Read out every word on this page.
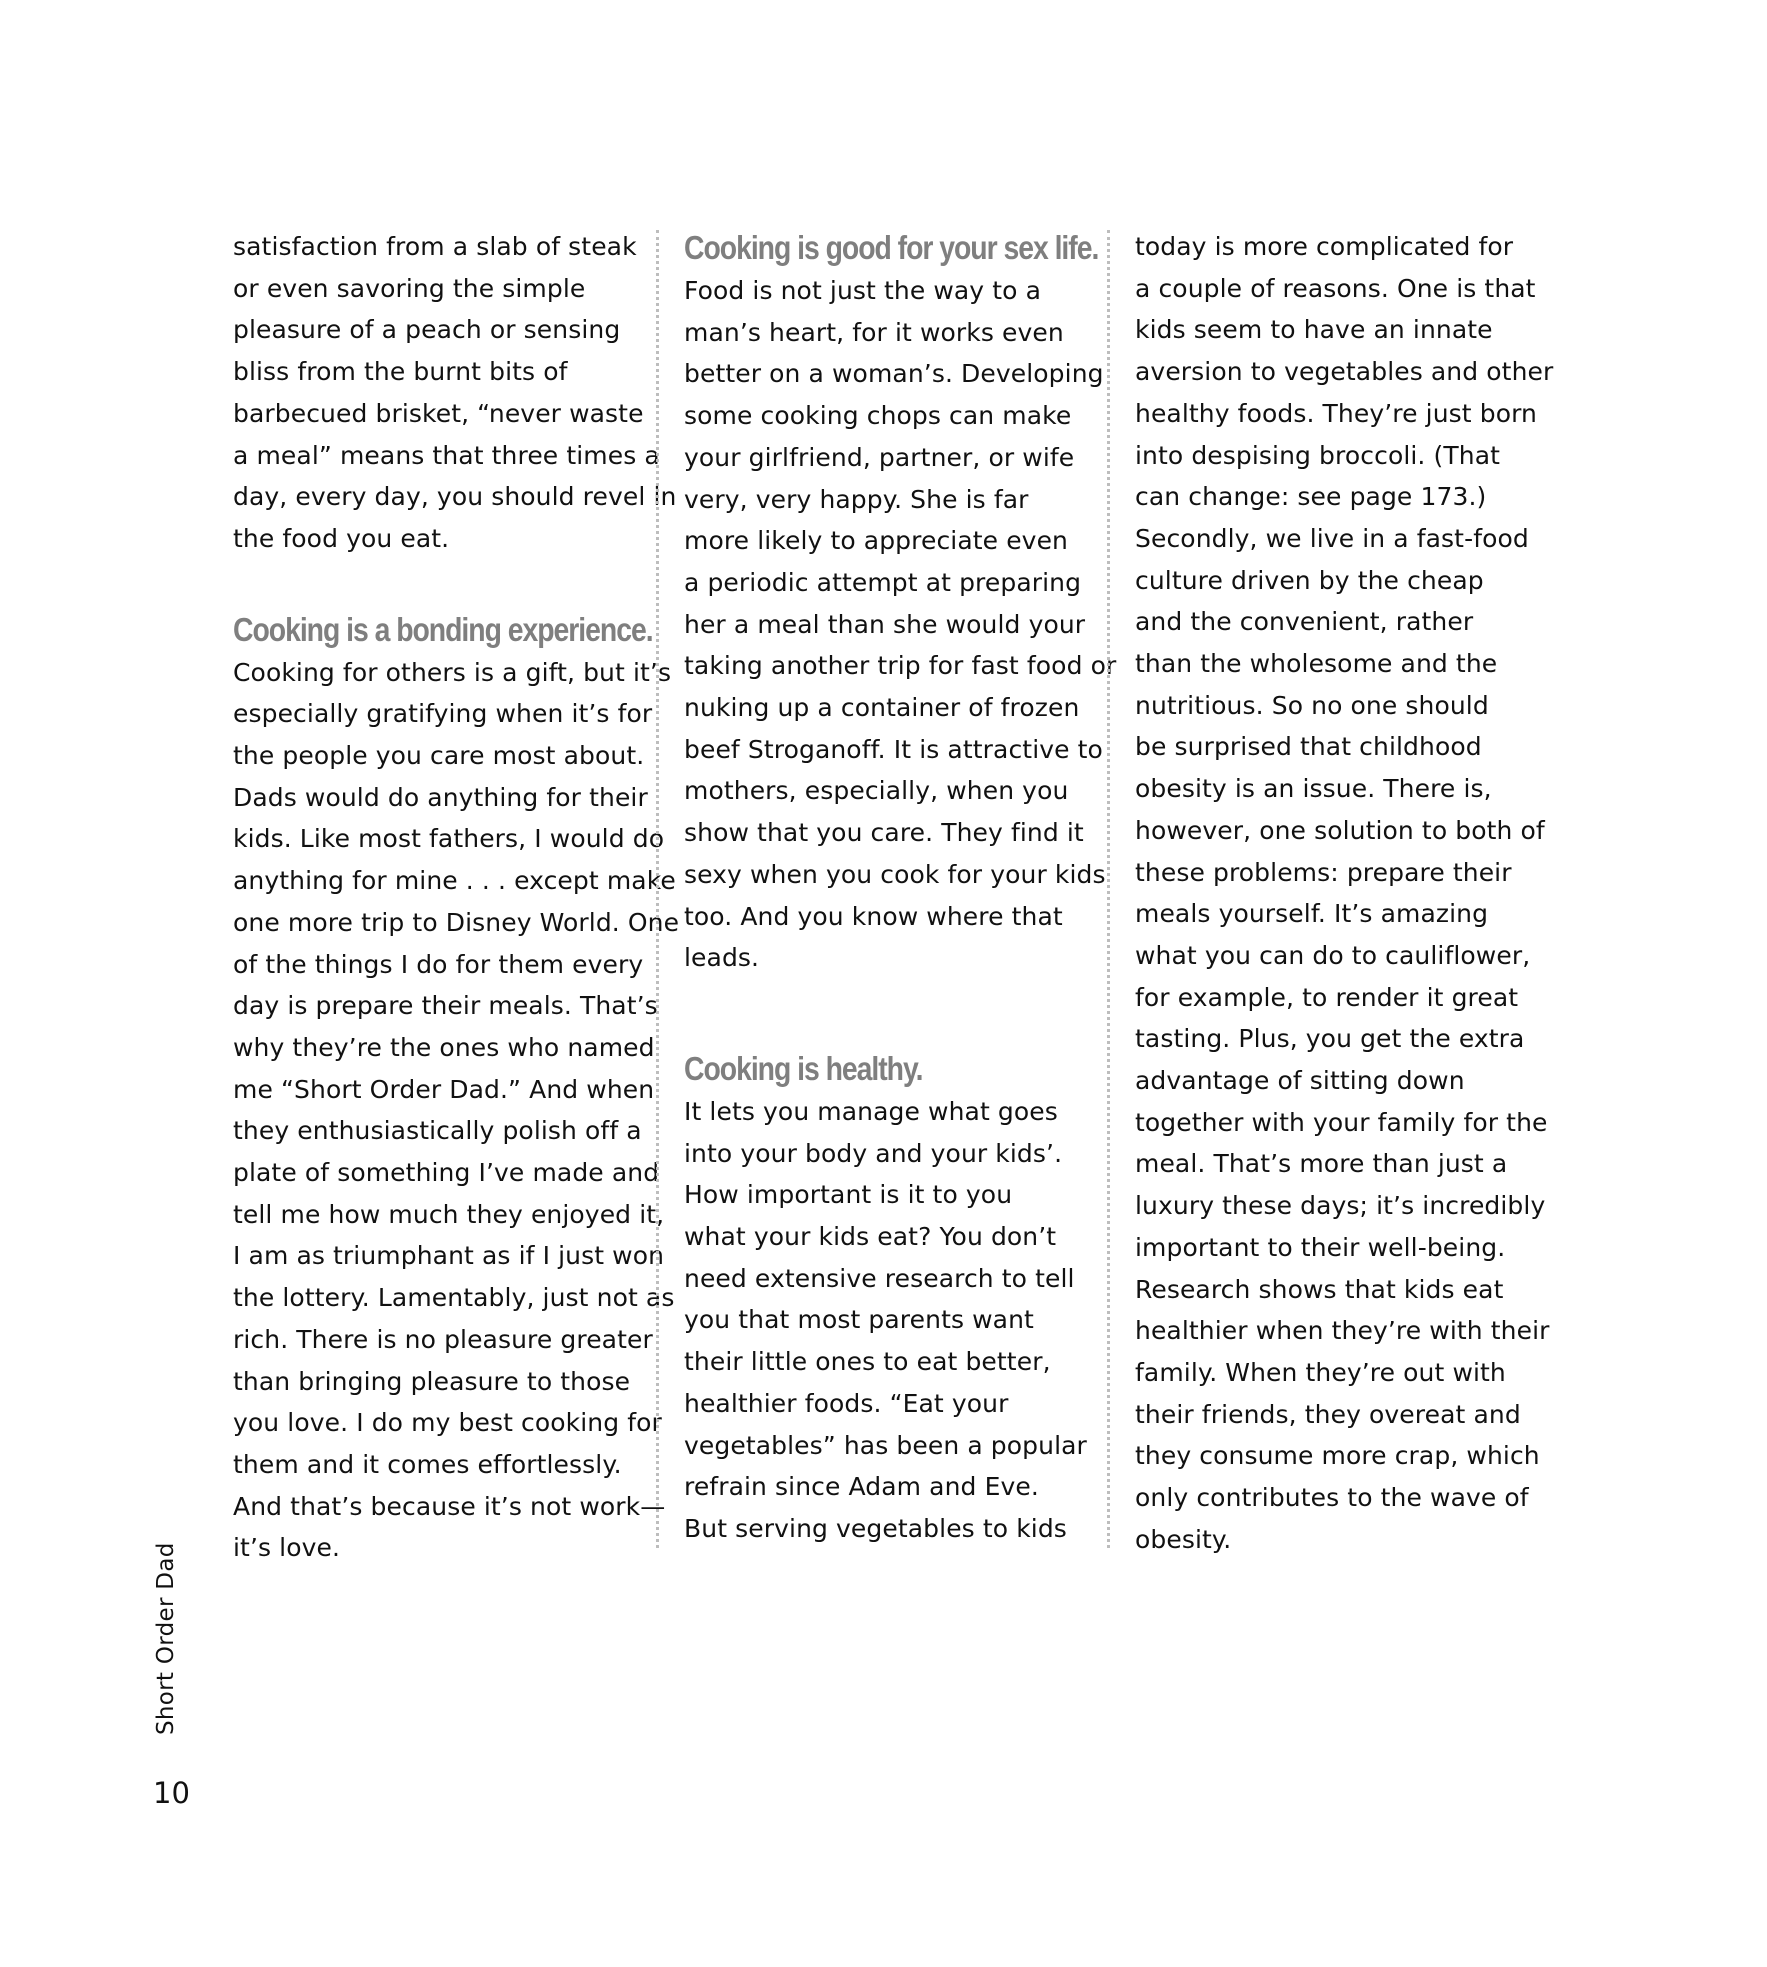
satisfaction from a slab of steak
or even savoring the simple
pleasure of a peach or sensing
bliss from the burnt bits of
barbecued brisket, “never waste
a meal” means that three times a
day, every day, you should revel in
the food you eat.
Cooking is a bonding experience.
Cooking for others is a gift, but it’s
especially gratifying when it’s for
the people you care most about.
Dads would do anything for their
kids. Like most fathers, I would do
anything for mine . . . except make
one more trip to Disney World. One
of the things I do for them every
day is prepare their meals. That’s
why they’re the ones who named
me “Short Order Dad.” And when
they enthusiastically polish off a
plate of something I’ve made and
tell me how much they enjoyed it,
I am as triumphant as if I just won
the lottery. Lamentably, just not as
rich. There is no pleasure greater
than bringing pleasure to those
you love. I do my best cooking for
them and it comes effortlessly.
And that’s because it’s not work—
it’s love.
Cooking is good for your sex life.
Food is not just the way to a
man’s heart, for it works even
better on a woman’s. Developing
some cooking chops can make
your girlfriend, partner, or wife
very, very happy. She is far
more likely to appreciate even
a periodic attempt at preparing
her a meal than she would your
taking another trip for fast food or
nuking up a container of frozen
beef Stroganoff. It is attractive to
mothers, especially, when you
show that you care. They find it
sexy when you cook for your kids
too. And you know where that
leads.
Cooking is healthy.
It lets you manage what goes
into your body and your kids’.
How important is it to you
what your kids eat? You don’t
need extensive research to tell
you that most parents want
their little ones to eat better,
healthier foods. “Eat your
vegetables” has been a popular
refrain since Adam and Eve.
But serving vegetables to kids
today is more complicated for
a couple of reasons. One is that
kids seem to have an innate
aversion to vegetables and other
healthy foods. They’re just born
into despising broccoli. (That
can change: see page 173.)
Secondly, we live in a fast-food
culture driven by the cheap
and the convenient, rather
than the wholesome and the
nutritious. So no one should
be surprised that childhood
obesity is an issue. There is,
however, one solution to both of
these problems: prepare their
meals yourself. It’s amazing
what you can do to cauliflower,
for example, to render it great
tasting. Plus, you get the extra
advantage of sitting down
together with your family for the
meal. That’s more than just a
luxury these days; it’s incredibly
important to their well-being.
Research shows that kids eat
healthier when they’re with their
family. When they’re out with
their friends, they overeat and
they consume more crap, which
only contributes to the wave of
obesity.
Short Order Dad
10
